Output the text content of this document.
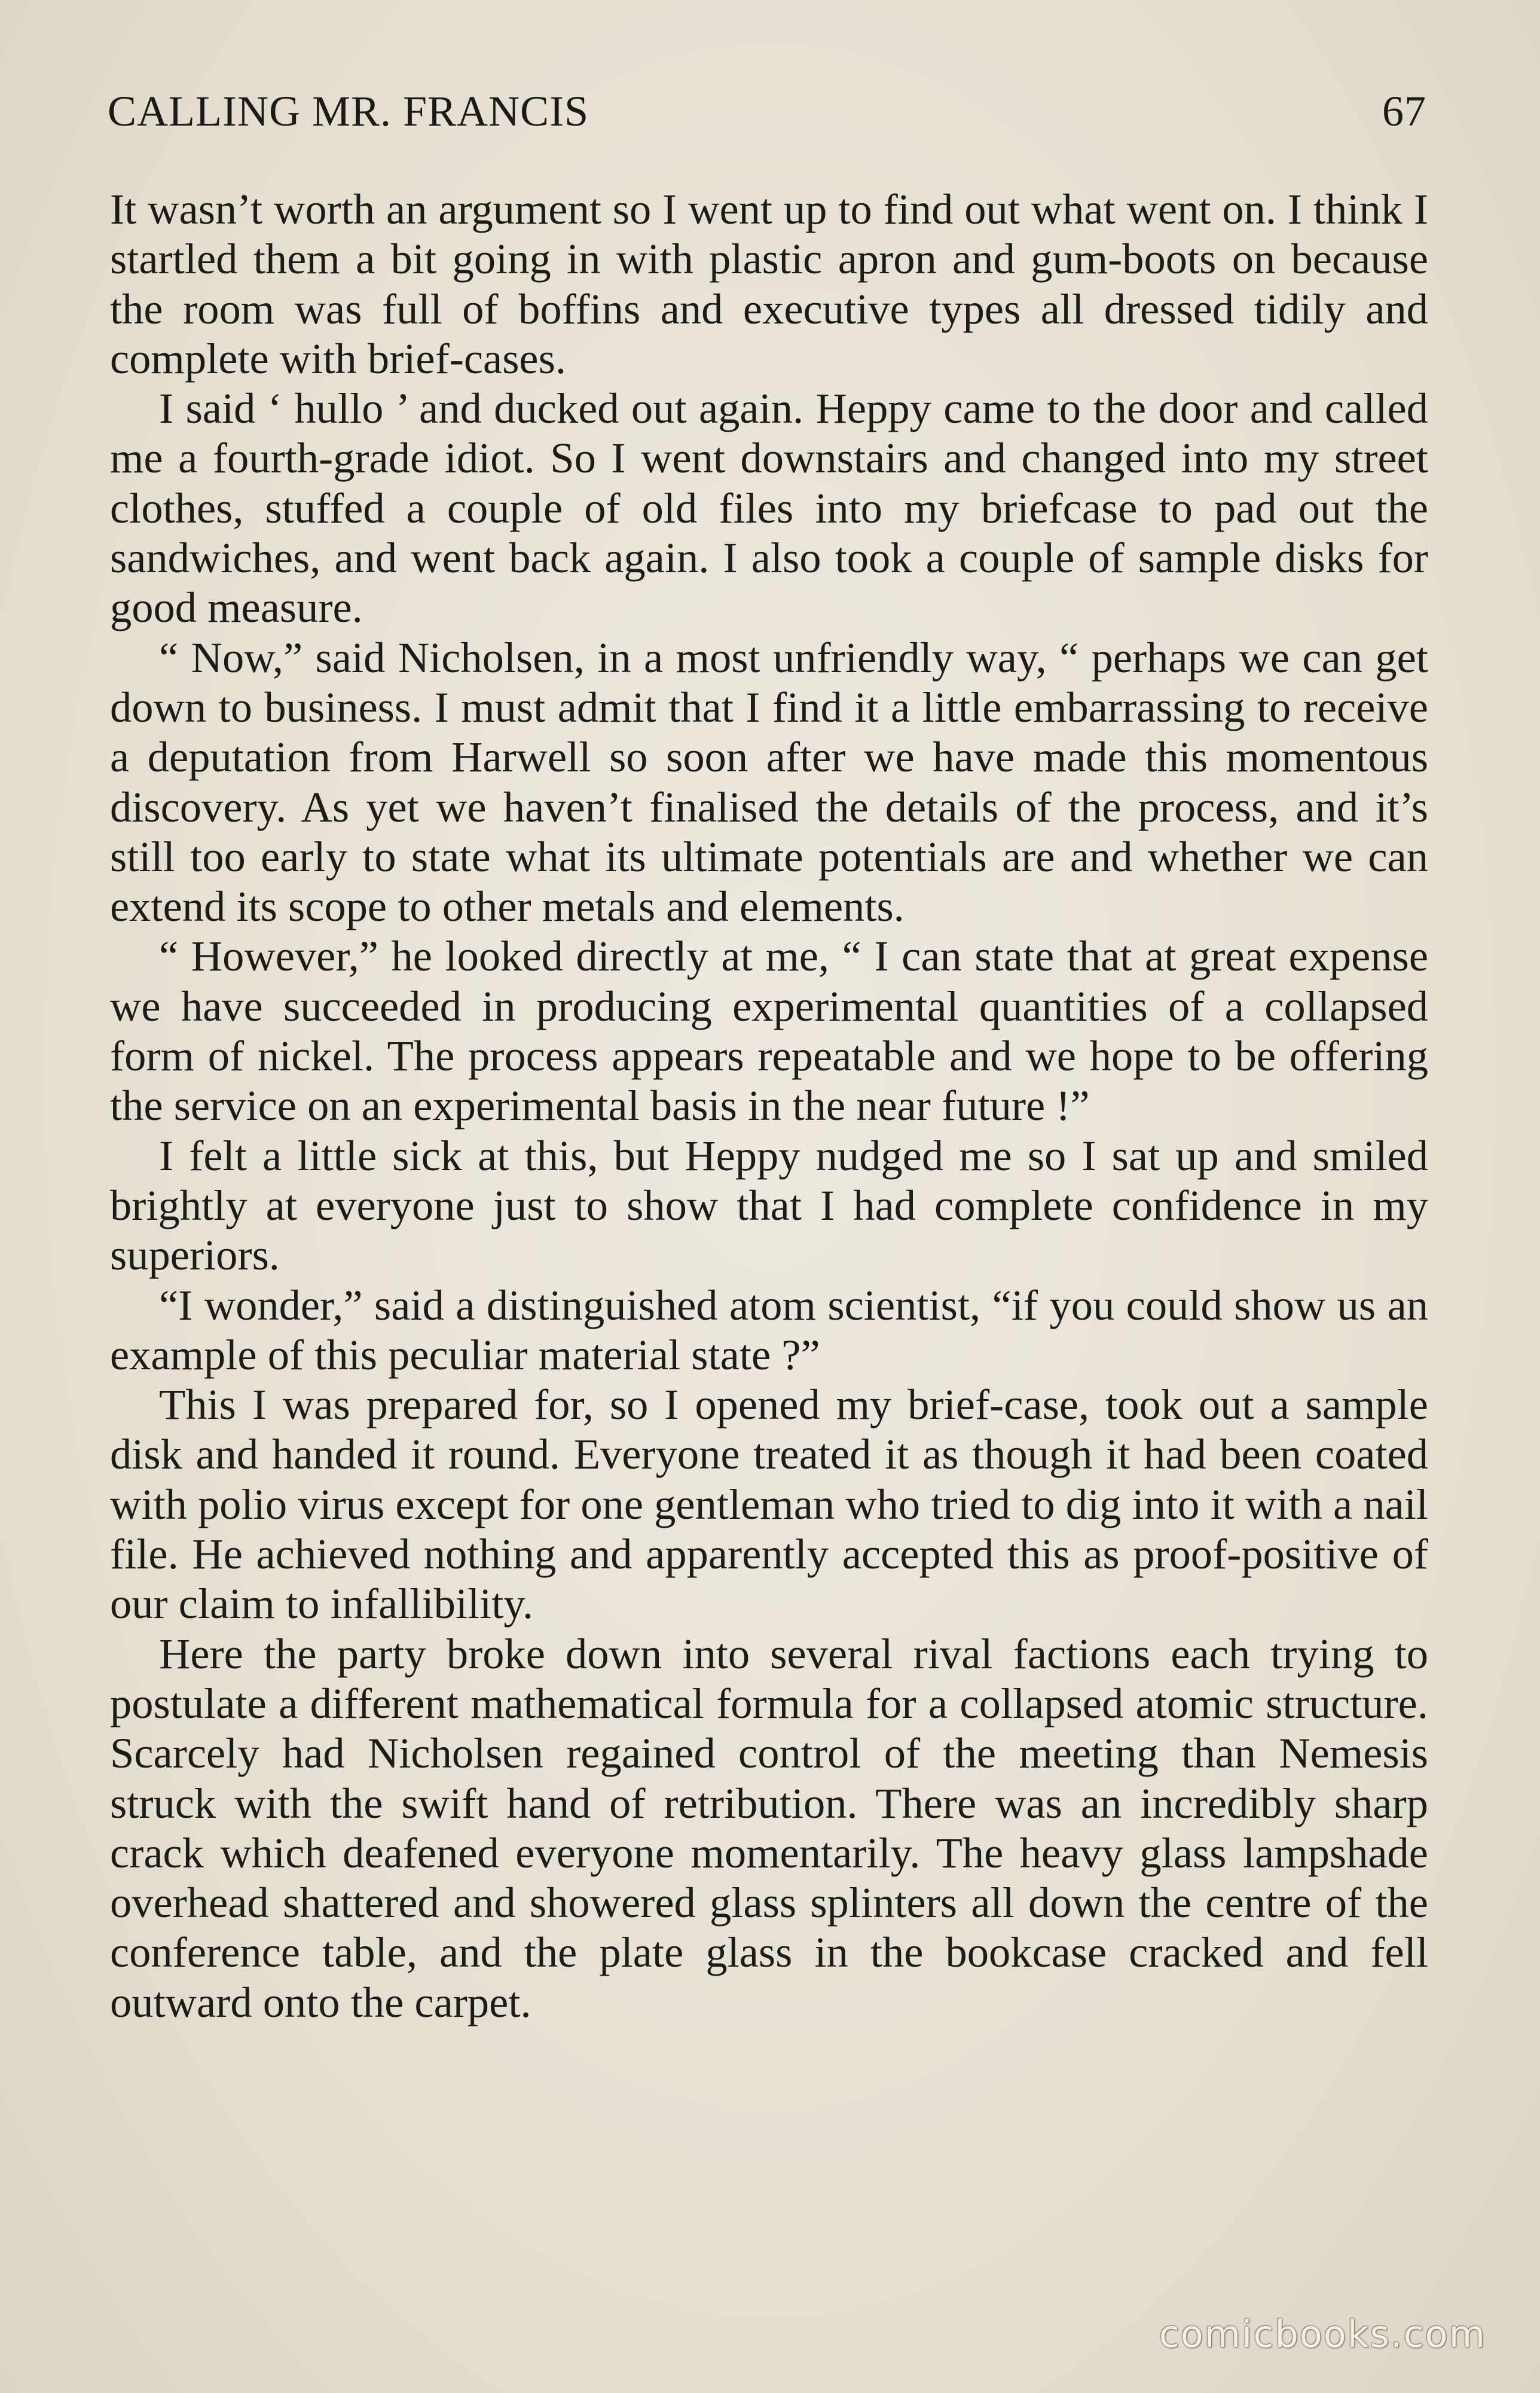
CALLING MR. FRANCIS	67

It wasn’t worth an argument so I went up to find out what went on. I think I startled them a bit going in with plastic apron and gum-boots on because the room was full of boffins and executive types all dressed tidily and complete with brief-cases.

I said ‘ hullo ’ and ducked out again. Heppy came to the door and called me a fourth-grade idiot. So I went downstairs and changed into my street clothes, stuffed a couple of old files into my briefcase to pad out the sandwiches, and went back again. I also took a couple of sample disks for good measure.

“ Now,” said Nicholsen, in a most unfriendly way, “ perhaps we can get down to business. I must admit that I find it a little embarrassing to receive a deputation from Harwell so soon after we have made this momentous discovery. As yet we haven’t finalised the details of the process, and it’s still too early to state what its ultimate potentials are and whether we can extend its scope to other metals and elements.

“ However,” he looked directly at me, “ I can state that at great expense we have succeeded in producing experimental quantities of a collapsed form of nickel. The process appears repeatable and we hope to be offering the service on an experimental basis in the near future !”

I felt a little sick at this, but Heppy nudged me so I sat up and smiled brightly at everyone just to show that I had complete confidence in my superiors.

“I wonder,” said a distinguished atom scientist, “if you could show us an example of this peculiar material state ?”

This I was prepared for, so I opened my brief-case, took out a sample disk and handed it round. Everyone treated it as though it had been coated with polio virus except for one gentleman who tried to dig into it with a nail file. He achieved nothing and apparently accepted this as proof-positive of our claim to infallibility.

Here the party broke down into several rival factions each trying to postulate a different mathematical formula for a collapsed atomic structure. Scarcely had Nicholsen regained control of the meeting than Nemesis struck with the swift hand of retribution. There was an incredibly sharp crack which deafened everyone momentarily. The heavy glass lampshade overhead shattered and showered glass splinters all down the centre of the conference table, and the plate glass in the bookcase cracked and fell outward onto the carpet.

comicbooks.com
